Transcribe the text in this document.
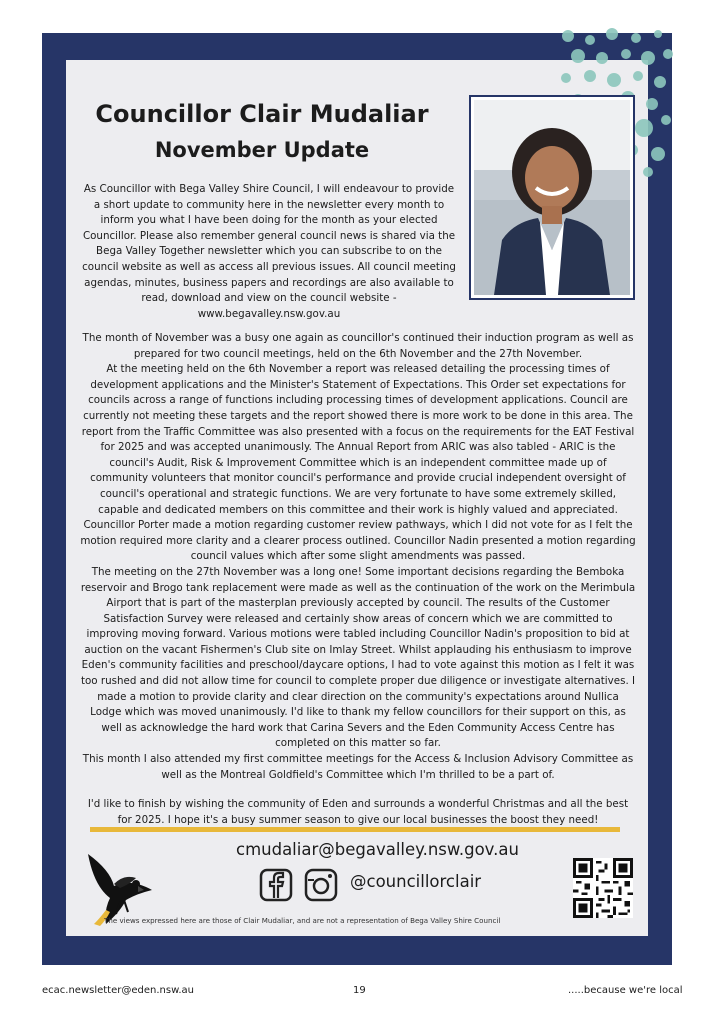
Councillor Clair Mudaliar
November Update

As Councillor with Bega Valley Shire Council, I will endeavour to provide a short update to community here in the newsletter every month to inform you what I have been doing for the month as your elected Councillor. Please also remember general council news is shared via the Bega Valley Together newsletter which you can subscribe to on the council website as well as access all previous issues. All council meeting agendas, minutes, business papers and recordings are also available to read, download and view on the council website - www.begavalley.nsw.gov.au

The month of November was a busy one again as councillor's continued their induction program as well as prepared for two council meetings, held on the 6th November and the 27th November.

At the meeting held on the 6th November a report was released detailing the processing times of development applications and the Minister's Statement of Expectations. This Order set expectations for councils across a range of functions including processing times of development applications. Council are currently not meeting these targets and the report showed there is more work to be done in this area. The report from the Traffic Committee was also presented with a focus on the requirements for the EAT Festival for 2025 and was accepted unanimously. The Annual Report from ARIC was also tabled - ARIC is the council's Audit, Risk & Improvement Committee which is an independent committee made up of community volunteers that monitor council's performance and provide crucial independent oversight of council's operational and strategic functions. We are very fortunate to have some extremely skilled, capable and dedicated members on this committee and their work is highly valued and appreciated. Councillor Porter made a motion regarding customer review pathways, which I did not vote for as I felt the motion required more clarity and a clearer process outlined. Councillor Nadin presented a motion regarding council values which after some slight amendments was passed.

The meeting on the 27th November was a long one! Some important decisions regarding the Bemboka reservoir and Brogo tank replacement were made as well as the continuation of the work on the Merimbula Airport that is part of the masterplan previously accepted by council. The results of the Customer Satisfaction Survey were released and certainly show areas of concern which we are committed to improving moving forward. Various motions were tabled including Councillor Nadin's proposition to bid at auction on the vacant Fishermen's Club site on Imlay Street. Whilst applauding his enthusiasm to improve Eden's community facilities and preschool/daycare options, I had to vote against this motion as I felt it was too rushed and did not allow time for council to complete proper due diligence or investigate alternatives. I made a motion to provide clarity and clear direction on the community's expectations around Nullica Lodge which was moved unanimously. I'd like to thank my fellow councillors for their support on this, as well as acknowledge the hard work that Carina Severs and the Eden Community Access Centre has completed on this matter so far.

This month I also attended my first committee meetings for the Access & Inclusion Advisory Committee as well as the Montreal Goldfield's Committee which I'm thrilled to be a part of.

I'd like to finish by wishing the community of Eden and surrounds a wonderful Christmas and all the best for 2025. I hope it's a busy summer season to give our local businesses the boost they need!

cmudaliar@begavalley.nsw.gov.au
@councillorclair
The views expressed here are those of Clair Mudaliar, and are not a representation of Bega Valley Shire Council
ecac.newsletter@eden.nsw.au	19	.....because we're local
